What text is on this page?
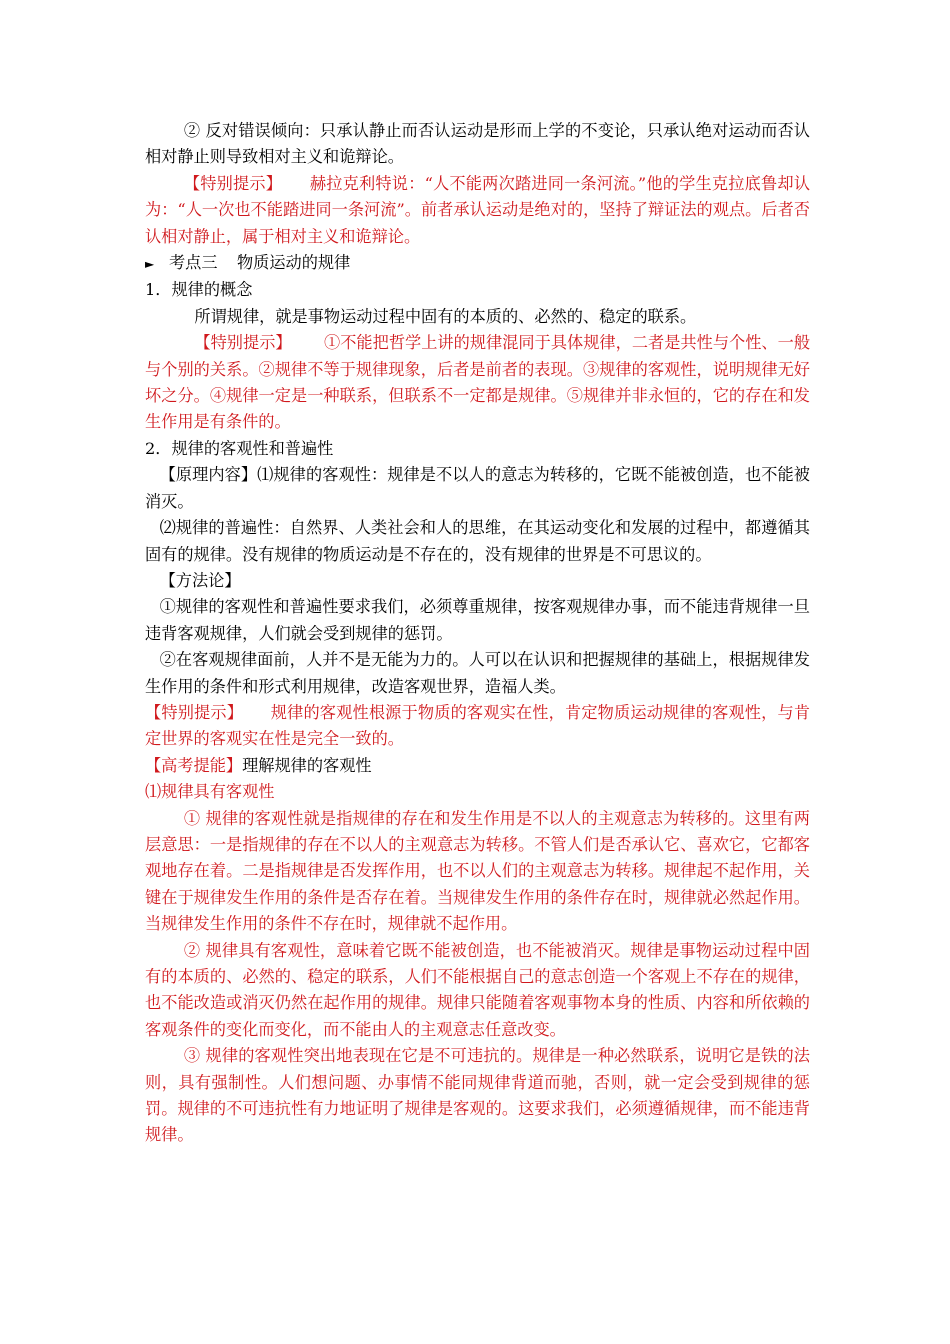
② 反对错误倾向：只承认静止而否认运动是形而上学的不变论，只承认绝对运动而否认相对静止则导致相对主义和诡辩论。

【特别提示】 赫拉克利特说：“人不能两次踏进同一条河流。”他的学生克拉底鲁却认为：“人一次也不能踏进同一条河流”。前者承认运动是绝对的，坚持了辩证法的观点。后者否认相对静止，属于相对主义和诡辩论。

► 考点三 物质运动的规律

1．规律的概念

所谓规律，就是事物运动过程中固有的本质的、必然的、稳定的联系。

【特别提示】 ①不能把哲学上讲的规律混同于具体规律，二者是共性与个性、一般与个别的关系。②规律不等于规律现象，后者是前者的表现。③规律的客观性，说明规律无好坏之分。④规律一定是一种联系，但联系不一定都是规律。⑤规律并非永恒的，它的存在和发生作用是有条件的。

2．规律的客观性和普遍性

【原理内容】⑴规律的客观性：规律是不以人的意志为转移的，它既不能被创造，也不能被消灭。

⑵规律的普遍性：自然界、人类社会和人的思维，在其运动变化和发展的过程中，都遵循其固有的规律。没有规律的物质运动是不存在的，没有规律的世界是不可思议的。

【方法论】

①规律的客观性和普遍性要求我们，必须尊重规律，按客观规律办事，而不能违背规律一旦违背客观规律，人们就会受到规律的惩罚。

②在客观规律面前，人并不是无能为力的。人可以在认识和把握规律的基础上，根据规律发生作用的条件和形式利用规律，改造客观世界，造福人类。

【特别提示】 规律的客观性根源于物质的客观实在性，肯定物质运动规律的客观性，与肯定世界的客观实在性是完全一致的。

【高考提能】理解规律的客观性

⑴规律具有客观性

① 规律的客观性就是指规律的存在和发生作用是不以人的主观意志为转移的。这里有两层意思：一是指规律的存在不以人的主观意志为转移。不管人们是否承认它、喜欢它，它都客观地存在着。二是指规律是否发挥作用，也不以人们的主观意志为转移。规律起不起作用，关键在于规律发生作用的条件是否存在着。当规律发生作用的条件存在时，规律就必然起作用。当规律发生作用的条件不存在时，规律就不起作用。

② 规律具有客观性，意味着它既不能被创造，也不能被消灭。规律是事物运动过程中固有的本质的、必然的、稳定的联系，人们不能根据自己的意志创造一个客观上不存在的规律，也不能改造或消灭仍然在起作用的规律。规律只能随着客观事物本身的性质、内容和所依赖的客观条件的变化而变化，而不能由人的主观意志任意改变。

③ 规律的客观性突出地表现在它是不可违抗的。规律是一种必然联系，说明它是铁的法则，具有强制性。人们想问题、办事情不能同规律背道而驰，否则，就一定会受到规律的惩罚。规律的不可违抗性有力地证明了规律是客观的。这要求我们，必须遵循规律，而不能违背规律。
